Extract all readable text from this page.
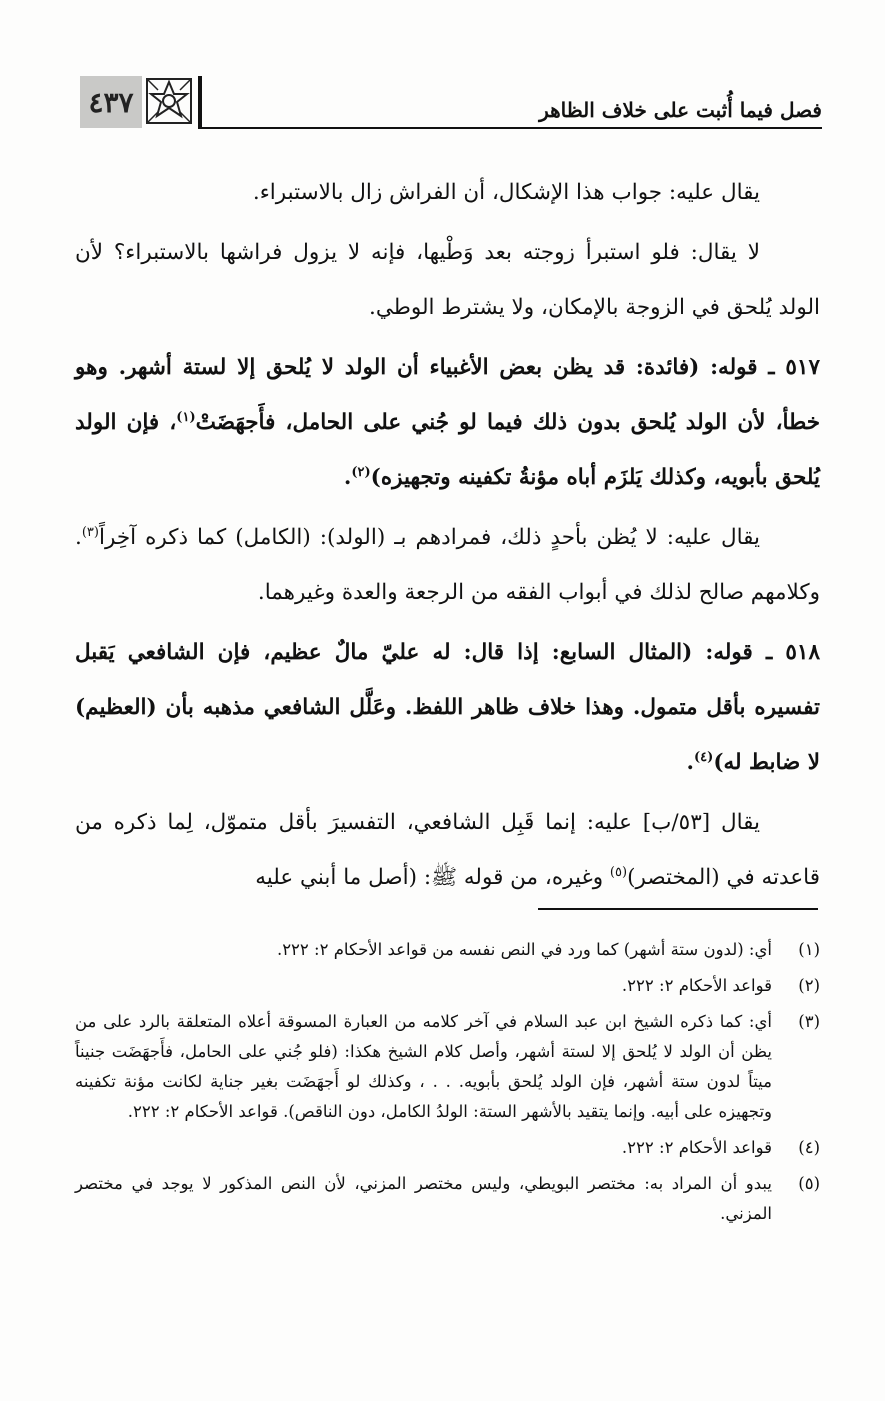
٤٣٧	فصل فيما أُثبت على خلاف الظاهر

يقال عليه: جواب هذا الإشكال، أن الفراش زال بالاستبراء.

لا يقال: فلو استبرأ زوجته بعد وَطْيها، فإنه لا يزول فراشها بالاستبراء؟ لأن الولد يُلحق في الزوجة بالإمكان، ولا يشترط الوطي.

٥١٧ ـ قوله: (فائدة: قد يظن بعض الأغبياء أن الولد لا يُلحق إلا لستة أشهر. وهو خطأ، لأن الولد يُلحق بدون ذلك فيما لو جُني على الحامل، فأَجهَضَتْ$^{(١)}$، فإن الولد يُلحق بأبويه، وكذلك يَلزَم أباه مؤنةُ تكفينه وتجهيزه)$^{(٢)}$.

يقال عليه: لا يُظن بأحدٍ ذلك، فمرادهم بـ (الولد): (الكامل) كما ذكره آخِراً$^{(٣)}$. وكلامهم صالح لذلك في أبواب الفقه من الرجعة والعدة وغيرهما.

٥١٨ ـ قوله: (المثال السابع: إذا قال: له عليّ مالٌ عظيم، فإن الشافعي يَقبل تفسيره بأقل متمول. وهذا خلاف ظاهر اللفظ. وعَلَّل الشافعي مذهبه بأن (العظيم) لا ضابط له)$^{(٤)}$.

يقال [٥٣/ب] عليه: إنما قَبِل الشافعي، التفسيرَ بأقل متموّل، لِما ذكره من قاعدته في (المختصر)$^{(٥)}$ وغيره، من قوله ﷺ: (أصل ما أبني عليه

(١)
أي: (لدون ستة أشهر) كما ورد في النص نفسه من قواعد الأحكام ٢: ٢٢٢.
(٢)
قواعد الأحكام ٢: ٢٢٢.
(٣)
أي: كما ذكره الشيخ ابن عبد السلام في آخر كلامه من العبارة المسوقة أعلاه المتعلقة بالرد على من يظن أن الولد لا يُلحق إلا لستة أشهر، وأصل كلام الشيخ هكذا: (فلو جُني على الحامل، فأَجهَضَت جنيناً ميتاً لدون ستة أشهر، فإن الولد يُلحق بأبويه. . . ، وكذلك لو أَجهَضَت بغير جناية لكانت مؤنة تكفينه وتجهيزه على أبيه. وإنما يتقيد بالأشهر الستة: الولدُ الكامل، دون الناقص). قواعد الأحكام ٢: ٢٢٢.
(٤)
قواعد الأحكام ٢: ٢٢٢.
(٥)
يبدو أن المراد به: مختصر البويطي، وليس مختصر المزني، لأن النص المذكور لا يوجد في مختصر المزني.
